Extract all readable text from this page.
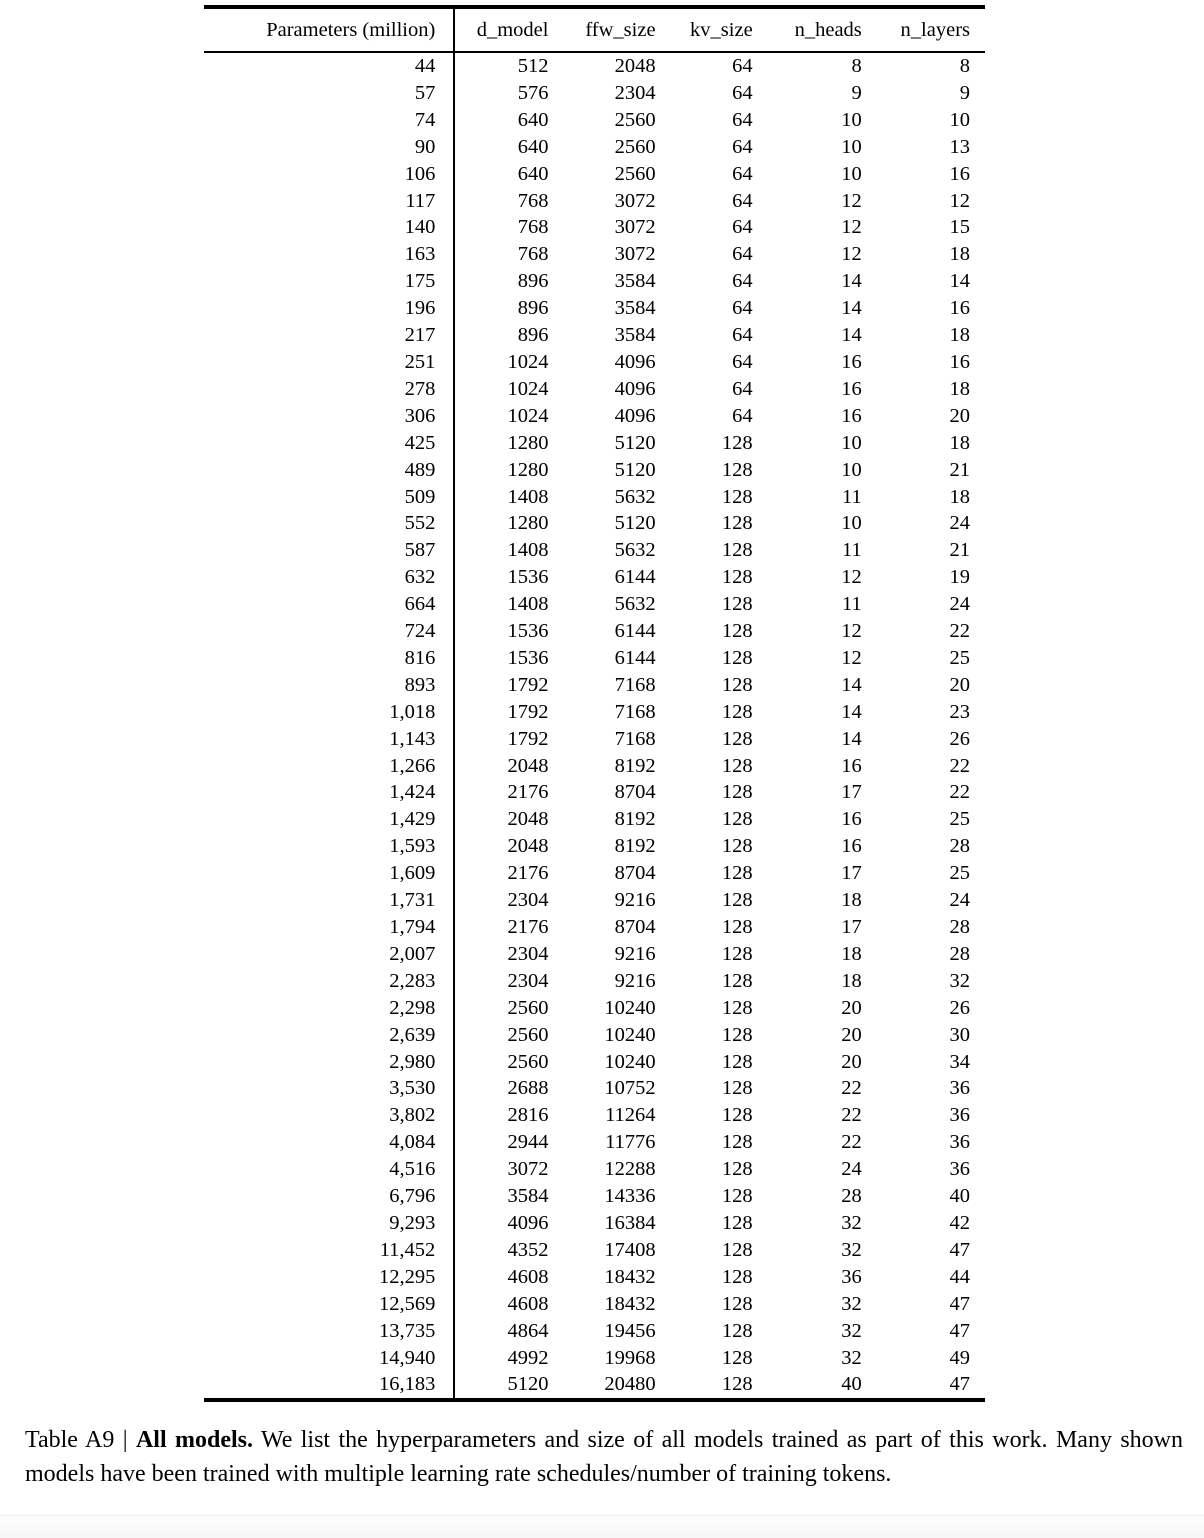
Parameters (million)	d_model	ffw_size	kv_size	n_heads	n_layers
44	512	2048	64	8	8
57	576	2304	64	9	9
74	640	2560	64	10	10
90	640	2560	64	10	13
106	640	2560	64	10	16
117	768	3072	64	12	12
140	768	3072	64	12	15
163	768	3072	64	12	18
175	896	3584	64	14	14
196	896	3584	64	14	16
217	896	3584	64	14	18
251	1024	4096	64	16	16
278	1024	4096	64	16	18
306	1024	4096	64	16	20
425	1280	5120	128	10	18
489	1280	5120	128	10	21
509	1408	5632	128	11	18
552	1280	5120	128	10	24
587	1408	5632	128	11	21
632	1536	6144	128	12	19
664	1408	5632	128	11	24
724	1536	6144	128	12	22
816	1536	6144	128	12	25
893	1792	7168	128	14	20
1,018	1792	7168	128	14	23
1,143	1792	7168	128	14	26
1,266	2048	8192	128	16	22
1,424	2176	8704	128	17	22
1,429	2048	8192	128	16	25
1,593	2048	8192	128	16	28
1,609	2176	8704	128	17	25
1,731	2304	9216	128	18	24
1,794	2176	8704	128	17	28
2,007	2304	9216	128	18	28
2,283	2304	9216	128	18	32
2,298	2560	10240	128	20	26
2,639	2560	10240	128	20	30
2,980	2560	10240	128	20	34
3,530	2688	10752	128	22	36
3,802	2816	11264	128	22	36
4,084	2944	11776	128	22	36
4,516	3072	12288	128	24	36
6,796	3584	14336	128	28	40
9,293	4096	16384	128	32	42
11,452	4352	17408	128	32	47
12,295	4608	18432	128	36	44
12,569	4608	18432	128	32	47
13,735	4864	19456	128	32	47
14,940	4992	19968	128	32	49
16,183	5120	20480	128	40	47
Table A9 | All models. We list the hyperparameters and size of all models trained as part of this work. Many shown models have been trained with multiple learning rate schedules/number of training tokens.
